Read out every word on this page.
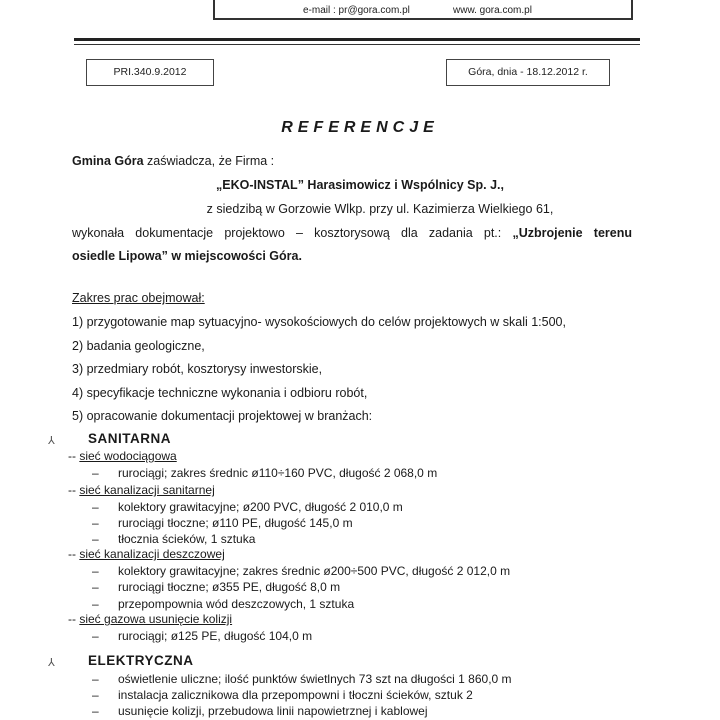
e-mail : pr@gora.com.pl	www. gora.com.pl
PRI.340.9.2012	Góra, dnia - 18.12.2012 r.
REFERENCJE
Gmina Góra zaświadcza, że Firma :
„EKO-INSTAL” Harasimowicz i Wspólnicy Sp. J.,
z siedzibą w Gorzowie Wlkp. przy ul. Kazimierza Wielkiego 61,
wykonała dokumentacje projektowo – kosztorysową dla zadania pt.: „Uzbrojenie terenu
osiedle Lipowa” w miejscowości Góra.
Zakres prac obejmował:
1) przygotowanie map sytuacyjno- wysokościowych do celów projektowych w skali 1:500,
2) badania geologiczne,
3) przedmiary robót, kosztorysy inwestorskie,
4) specyfikacje techniczne wykonania i odbioru robót,
5) opracowanie dokumentacji projektowej w branżach:
⅄ SANITARNA
-- sieć wodociągowa
– rurociągi; zakres średnic ø110÷160 PVC, długość 2 068,0 m
-- sieć kanalizacji sanitarnej
– kolektory grawitacyjne; ø200 PVC, długość 2 010,0 m
– rurociągi tłoczne; ø110 PE, długość 145,0 m
– tłocznia ścieków, 1 sztuka
-- sieć kanalizacji deszczowej
– kolektory grawitacyjne; zakres średnic ø200÷500 PVC, długość 2 012,0 m
– rurociągi tłoczne; ø355 PE, długość 8,0 m
– przepompownia wód deszczowych, 1 sztuka
-- sieć gazowa usunięcie kolizji
– rurociągi; ø125 PE, długość 104,0 m
⅄ ELEKTRYCZNA
– oświetlenie uliczne; ilość punktów świetlnych 73 szt na długości 1 860,0 m
– instalacja zalicznikowa dla przepompowni i tłoczni ścieków, sztuk 2
– usunięcie kolizji, przebudowa linii napowietrznej i kablowej
